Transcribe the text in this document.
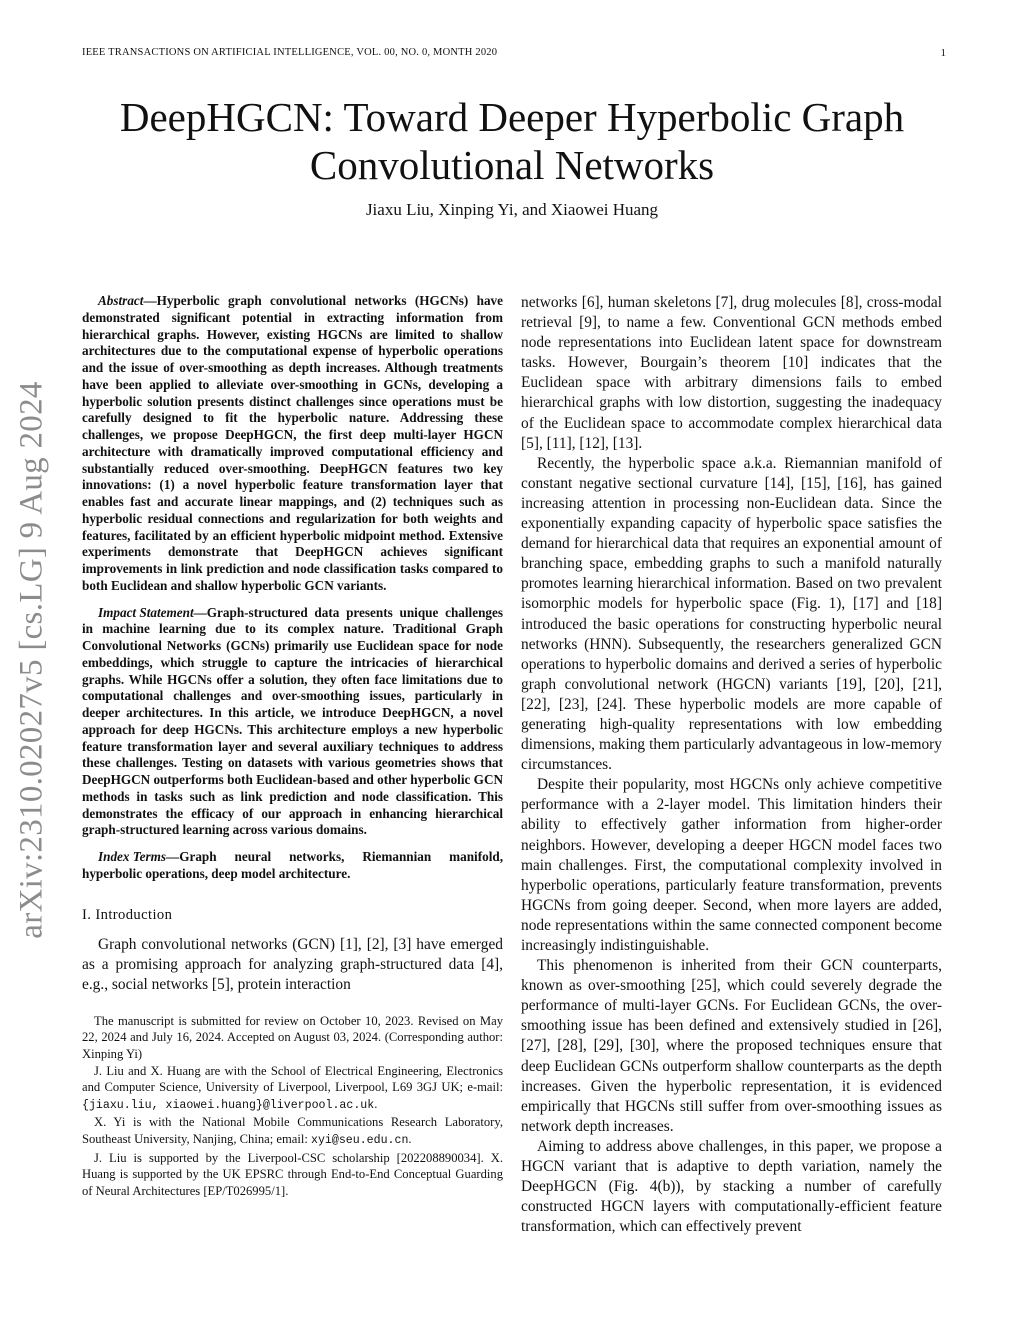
IEEE TRANSACTIONS ON ARTIFICIAL INTELLIGENCE, VOL. 00, NO. 0, MONTH 2020	1
arXiv:2310.02027v5 [cs.LG] 9 Aug 2024
DeepHGCN: Toward Deeper Hyperbolic Graph Convolutional Networks
Jiaxu Liu, Xinping Yi, and Xiaowei Huang

Abstract—Hyperbolic graph convolutional networks (HGCNs) have demonstrated significant potential in extracting information from hierarchical graphs. However, existing HGCNs are limited to shallow architectures due to the computational expense of hyperbolic operations and the issue of over-smoothing as depth increases. Although treatments have been applied to alleviate over-smoothing in GCNs, developing a hyperbolic solution presents distinct challenges since operations must be carefully designed to fit the hyperbolic nature. Addressing these challenges, we propose DeepHGCN, the first deep multi-layer HGCN architecture with dramatically improved computational efficiency and substantially reduced over-smoothing. DeepHGCN features two key innovations: (1) a novel hyperbolic feature transformation layer that enables fast and accurate linear mappings, and (2) techniques such as hyperbolic residual connections and regularization for both weights and features, facilitated by an efficient hyperbolic midpoint method. Extensive experiments demonstrate that DeepHGCN achieves significant improvements in link prediction and node classification tasks compared to both Euclidean and shallow hyperbolic GCN variants.

Impact Statement—Graph-structured data presents unique challenges in machine learning due to its complex nature. Traditional Graph Convolutional Networks (GCNs) primarily use Euclidean space for node embeddings, which struggle to capture the intricacies of hierarchical graphs. While HGCNs offer a solution, they often face limitations due to computational challenges and over-smoothing issues, particularly in deeper architectures. In this article, we introduce DeepHGCN, a novel approach for deep HGCNs. This architecture employs a new hyperbolic feature transformation layer and several auxiliary techniques to address these challenges. Testing on datasets with various geometries shows that DeepHGCN outperforms both Euclidean-based and other hyperbolic GCN methods in tasks such as link prediction and node classification. This demonstrates the efficacy of our approach in enhancing hierarchical graph-structured learning across various domains.

Index Terms—Graph neural networks, Riemannian manifold, hyperbolic operations, deep model architecture.

I. Introduction

Graph convolutional networks (GCN) [1], [2], [3] have emerged as a promising approach for analyzing graph-structured data [4], e.g., social networks [5], protein interaction

The manuscript is submitted for review on October 10, 2023. Revised on May 22, 2024 and July 16, 2024. Accepted on August 03, 2024. (Corresponding author: Xinping Yi)

J. Liu and X. Huang are with the School of Electrical Engineering, Electronics and Computer Science, University of Liverpool, Liverpool, L69 3GJ UK; e-mail: {jiaxu.liu, xiaowei.huang}@liverpool.ac.uk.

X. Yi is with the National Mobile Communications Research Laboratory, Southeast University, Nanjing, China; email: xyi@seu.edu.cn.

J. Liu is supported by the Liverpool-CSC scholarship [202208890034]. X. Huang is supported by the UK EPSRC through End-to-End Conceptual Guarding of Neural Architectures [EP/T026995/1].

networks [6], human skeletons [7], drug molecules [8], cross-modal retrieval [9], to name a few. Conventional GCN methods embed node representations into Euclidean latent space for downstream tasks. However, Bourgain’s theorem [10] indicates that the Euclidean space with arbitrary dimensions fails to embed hierarchical graphs with low distortion, suggesting the inadequacy of the Euclidean space to accommodate complex hierarchical data [5], [11], [12], [13].

Recently, the hyperbolic space a.k.a. Riemannian manifold of constant negative sectional curvature [14], [15], [16], has gained increasing attention in processing non-Euclidean data. Since the exponentially expanding capacity of hyperbolic space satisfies the demand for hierarchical data that requires an exponential amount of branching space, embedding graphs to such a manifold naturally promotes learning hierarchical information. Based on two prevalent isomorphic models for hyperbolic space (Fig. 1), [17] and [18] introduced the basic operations for constructing hyperbolic neural networks (HNN). Subsequently, the researchers generalized GCN operations to hyperbolic domains and derived a series of hyperbolic graph convolutional network (HGCN) variants [19], [20], [21], [22], [23], [24]. These hyperbolic models are more capable of generating high-quality representations with low embedding dimensions, making them particularly advantageous in low-memory circumstances.

Despite their popularity, most HGCNs only achieve competitive performance with a 2-layer model. This limitation hinders their ability to effectively gather information from higher-order neighbors. However, developing a deeper HGCN model faces two main challenges. First, the computational complexity involved in hyperbolic operations, particularly feature transformation, prevents HGCNs from going deeper. Second, when more layers are added, node representations within the same connected component become increasingly indistinguishable.

This phenomenon is inherited from their GCN counterparts, known as over-smoothing [25], which could severely degrade the performance of multi-layer GCNs. For Euclidean GCNs, the over-smoothing issue has been defined and extensively studied in [26], [27], [28], [29], [30], where the proposed techniques ensure that deep Euclidean GCNs outperform shallow counterparts as the depth increases. Given the hyperbolic representation, it is evidenced empirically that HGCNs still suffer from over-smoothing issues as network depth increases.

Aiming to address above challenges, in this paper, we propose a HGCN variant that is adaptive to depth variation, namely the DeepHGCN (Fig. 4(b)), by stacking a number of carefully constructed HGCN layers with computationally-efficient feature transformation, which can effectively prevent
